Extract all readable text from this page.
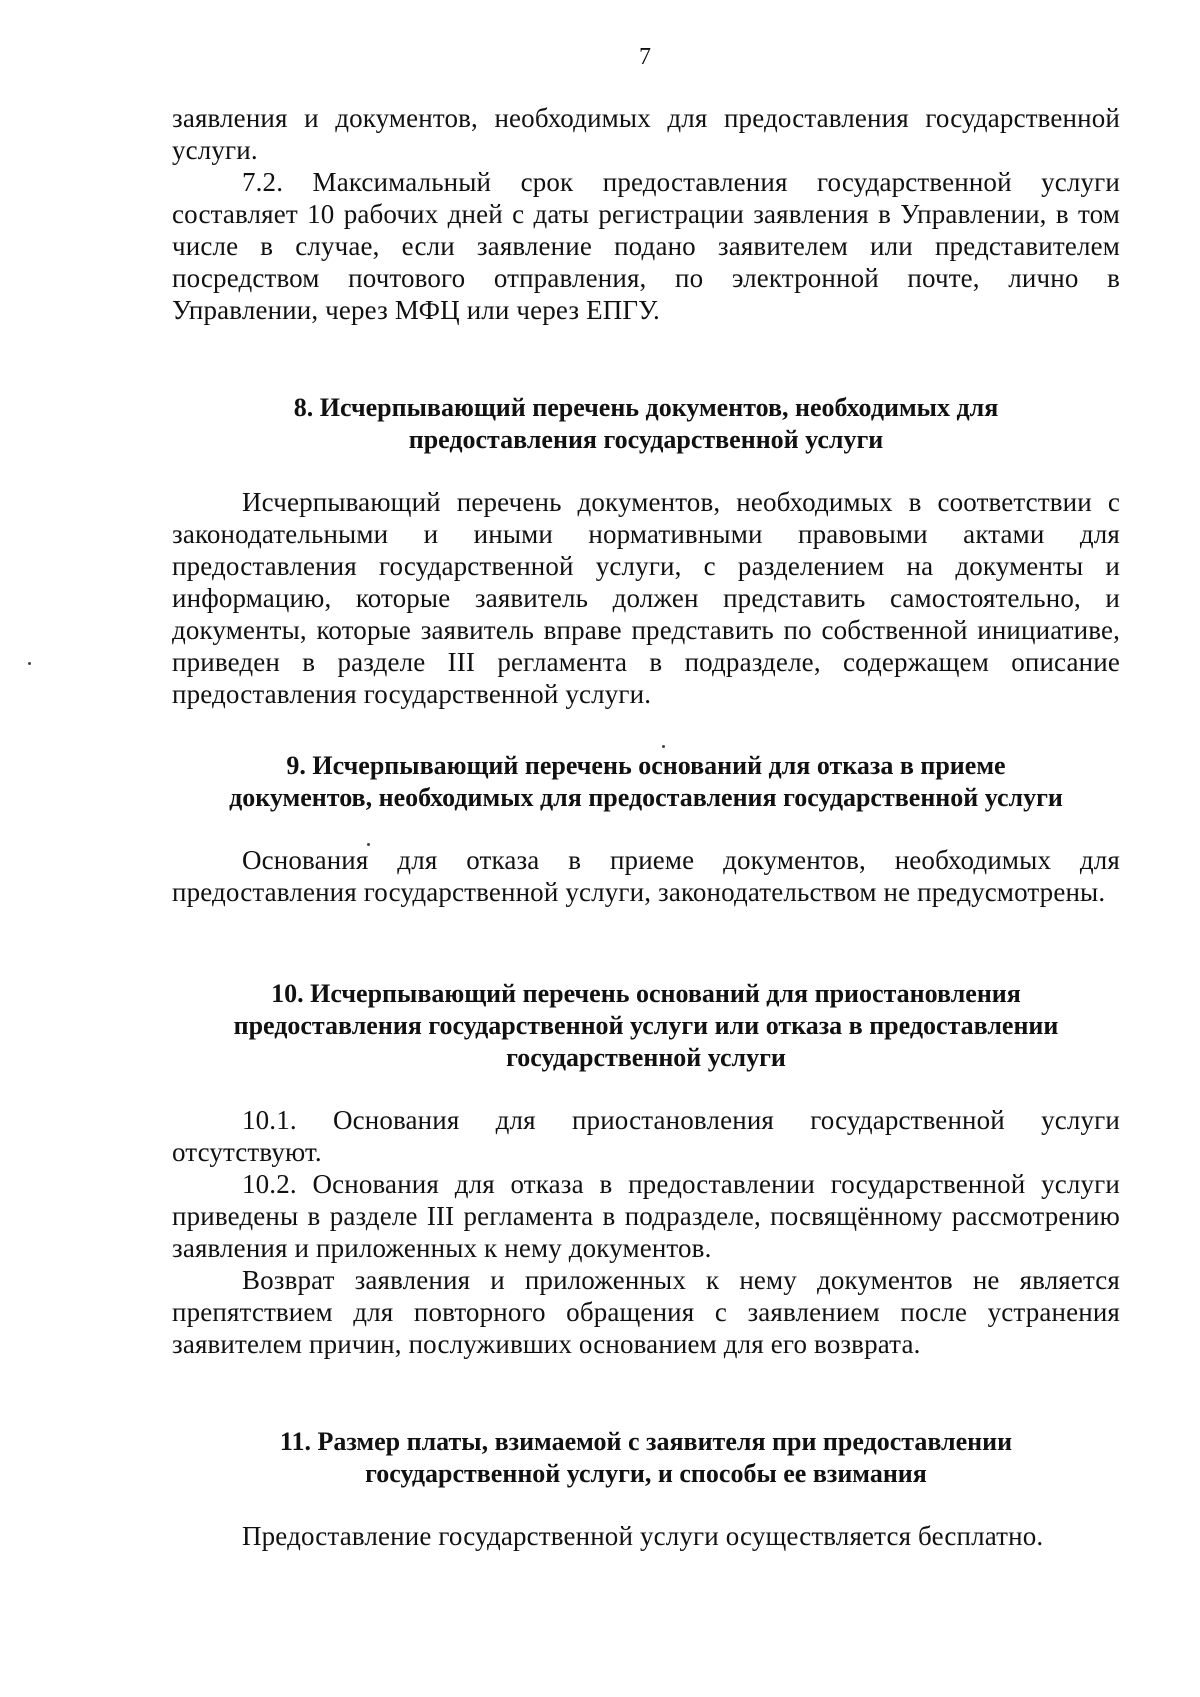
7

заявления и документов, необходимых для предоставления государственной услуги.

7.2. Максимальный срок предоставления государственной услуги составляет 10 рабочих дней с даты регистрации заявления в Управлении, в том числе в случае, если заявление подано заявителем или представителем посредством почтового отправления, по электронной почте, лично в Управлении, через МФЦ или через ЕПГУ.

8. Исчерпывающий перечень документов, необходимых для
предоставления государственной услуги

Исчерпывающий перечень документов, необходимых в соответствии с законодательными и иными нормативными правовыми актами для предоставления государственной услуги, с разделением на документы и информацию, которые заявитель должен представить самостоятельно, и документы, которые заявитель вправе представить по собственной инициативе, приведен в разделе III регламента в подразделе, содержащем описание предоставления государственной услуги.

9. Исчерпывающий перечень оснований для отказа в приеме
документов, необходимых для предоставления государственной услуги

Основания для отказа в приеме документов, необходимых для предоставления государственной услуги, законодательством не предусмотрены.

10. Исчерпывающий перечень оснований для приостановления
предоставления государственной услуги или отказа в предоставлении
государственной услуги

10.1. Основания для приостановления государственной услуги отсутствуют.

10.2. Основания для отказа в предоставлении государственной услуги приведены в разделе III регламента в подразделе, посвящённому рассмотрению заявления и приложенных к нему документов.

Возврат заявления и приложенных к нему документов не является препятствием для повторного обращения с заявлением после устранения заявителем причин, послуживших основанием для его возврата.

11. Размер платы, взимаемой с заявителя при предоставлении
государственной услуги, и способы ее взимания

Предоставление государственной услуги осуществляется бесплатно.
